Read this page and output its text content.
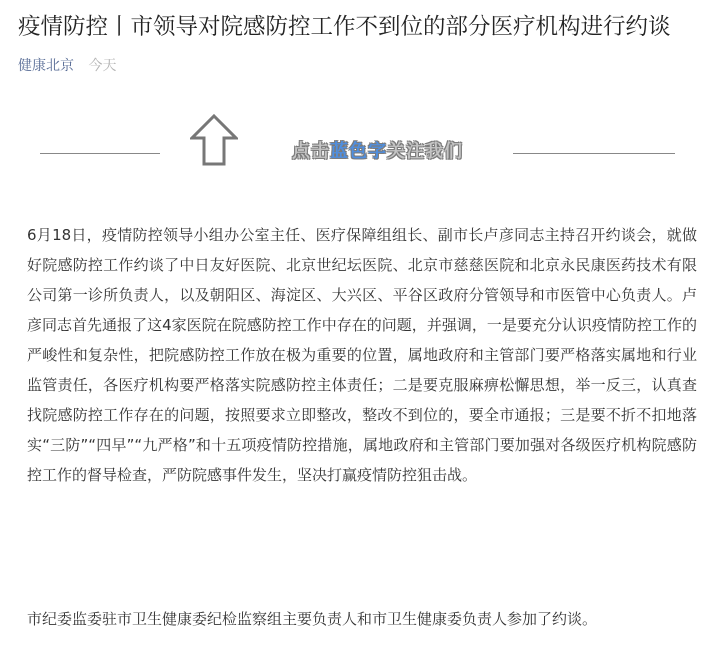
疫情防控丨市领导对院感防控工作不到位的部分医疗机构进行约谈
健康北京 今天
点击蓝色字关注我们

6月18日，疫情防控领导小组办公室主任、医疗保障组组长、副市长卢彦同志主持召开约谈会，就做好院感防控工作约谈了中日友好医院、北京世纪坛医院、北京市慈慈医院和北京永民康医药技术有限公司第一诊所负责人，以及朝阳区、海淀区、大兴区、平谷区政府分管领导和市医管中心负责人。卢彦同志首先通报了这4家医院在院感防控工作中存在的问题，并强调，一是要充分认识疫情防控工作的严峻性和复杂性，把院感防控工作放在极为重要的位置，属地政府和主管部门要严格落实属地和行业监管责任，各医疗机构要严格落实院感防控主体责任；二是要克服麻痹松懈思想，举一反三，认真查找院感防控工作存在的问题，按照要求立即整改，整改不到位的，要全市通报；三是要不折不扣地落实“三防”“四早”“九严格”和十五项疫情防控措施，属地政府和主管部门要加强对各级医疗机构院感防控工作的督导检查，严防院感事件发生，坚决打赢疫情防控狙击战。

市纪委监委驻市卫生健康委纪检监察组主要负责人和市卫生健康委负责人参加了约谈。
